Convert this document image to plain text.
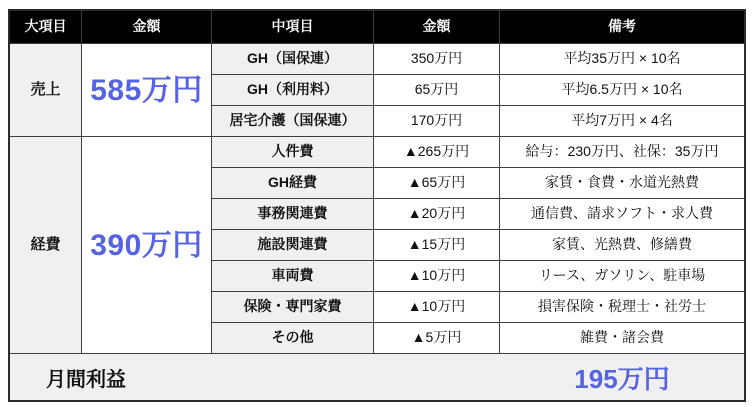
大項目	金額	中項目	金額	備考
売上 585万円
GH（国保連）	350万円	平均35万円 × 10名
GH（利用料）	65万円	平均6.5万円 × 10名
居宅介護（国保連）	170万円	平均7万円 × 4名
経費 390万円
人件費	▲265万円	給与：230万円、社保：35万円
GH経費	▲65万円	家賃・食費・水道光熱費
事務関連費	▲20万円	通信費、請求ソフト・求人費
施設関連費	▲15万円	家賃、光熱費、修繕費
車両費	▲10万円	リース、ガソリン、駐車場
保険・専門家費	▲10万円	損害保険・税理士・社労士
その他	▲5万円	雑費・諸会費
月間利益	195万円
